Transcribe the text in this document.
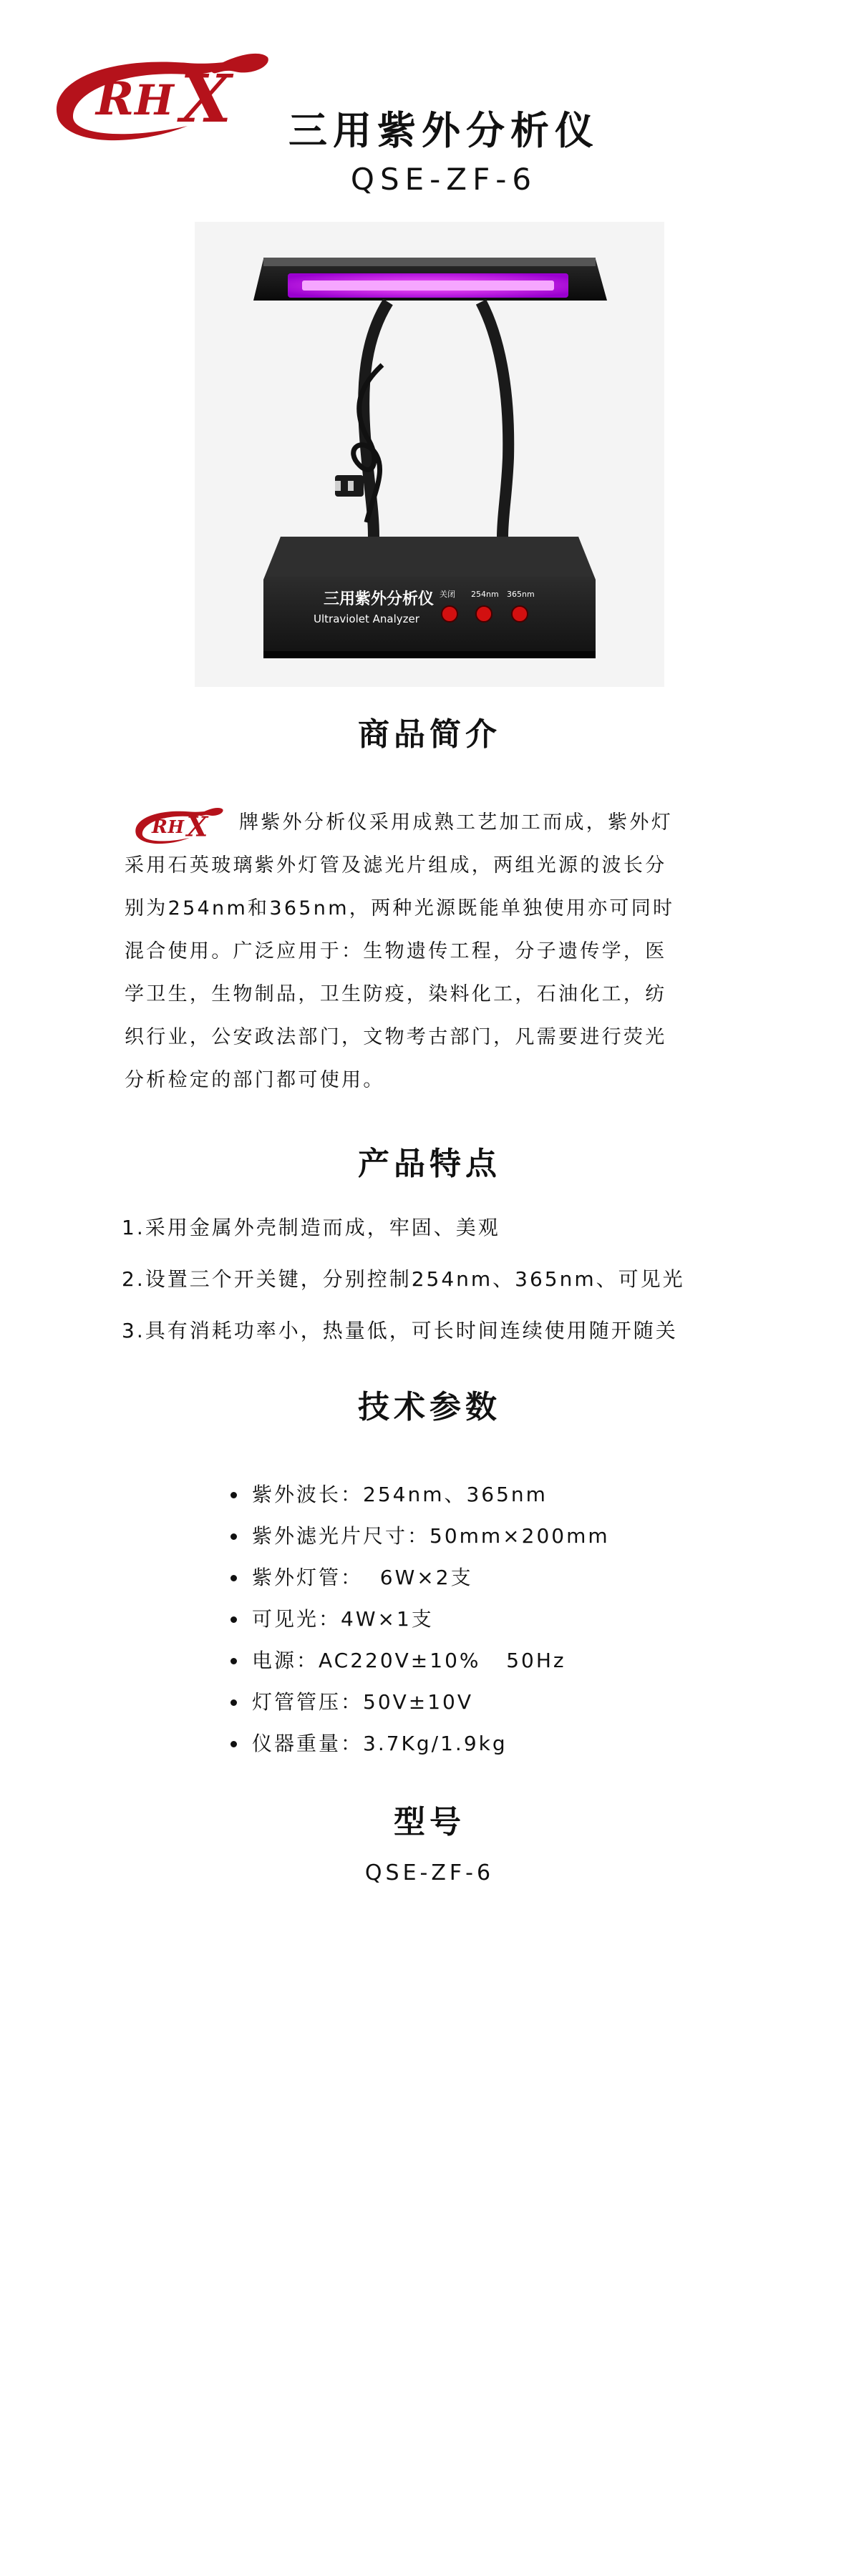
R H X	三用紫外分析仪
QSE-ZF-6
三用紫外分析仪
Ultraviolet Analyzer
关闭 254nm 365nm
商品简介
R
H X 牌紫外分析仪采用成熟工艺加工而成，紫外灯
采用石英玻璃紫外灯管及滤光片组成，两组光源的波长分
别为254nm和365nm，两种光源既能单独使用亦可同时
混合使用。广泛应用于：生物遗传工程，分子遗传学，医
学卫生，生物制品，卫生防疫，染料化工，石油化工，纺
织行业，公安政法部门，文物考古部门，凡需要进行荧光
分析检定的部门都可使用。
产品特点
1.采用金属外壳制造而成，牢固、美观
2.设置三个开关键，分别控制254nm、365nm、可见光
3.具有消耗功率小，热量低，可长时间连续使用随开随关
技术参数
紫外波长：254nm、365nm
紫外滤光片尺寸：50mm×200mm
紫外灯管：  6W×2支
可见光：4W×1支
电源：AC220V±10%   50Hz
灯管管压：50V±10V
仪器重量：3.7Kg/1.9kg
型号
QSE-ZF-6
